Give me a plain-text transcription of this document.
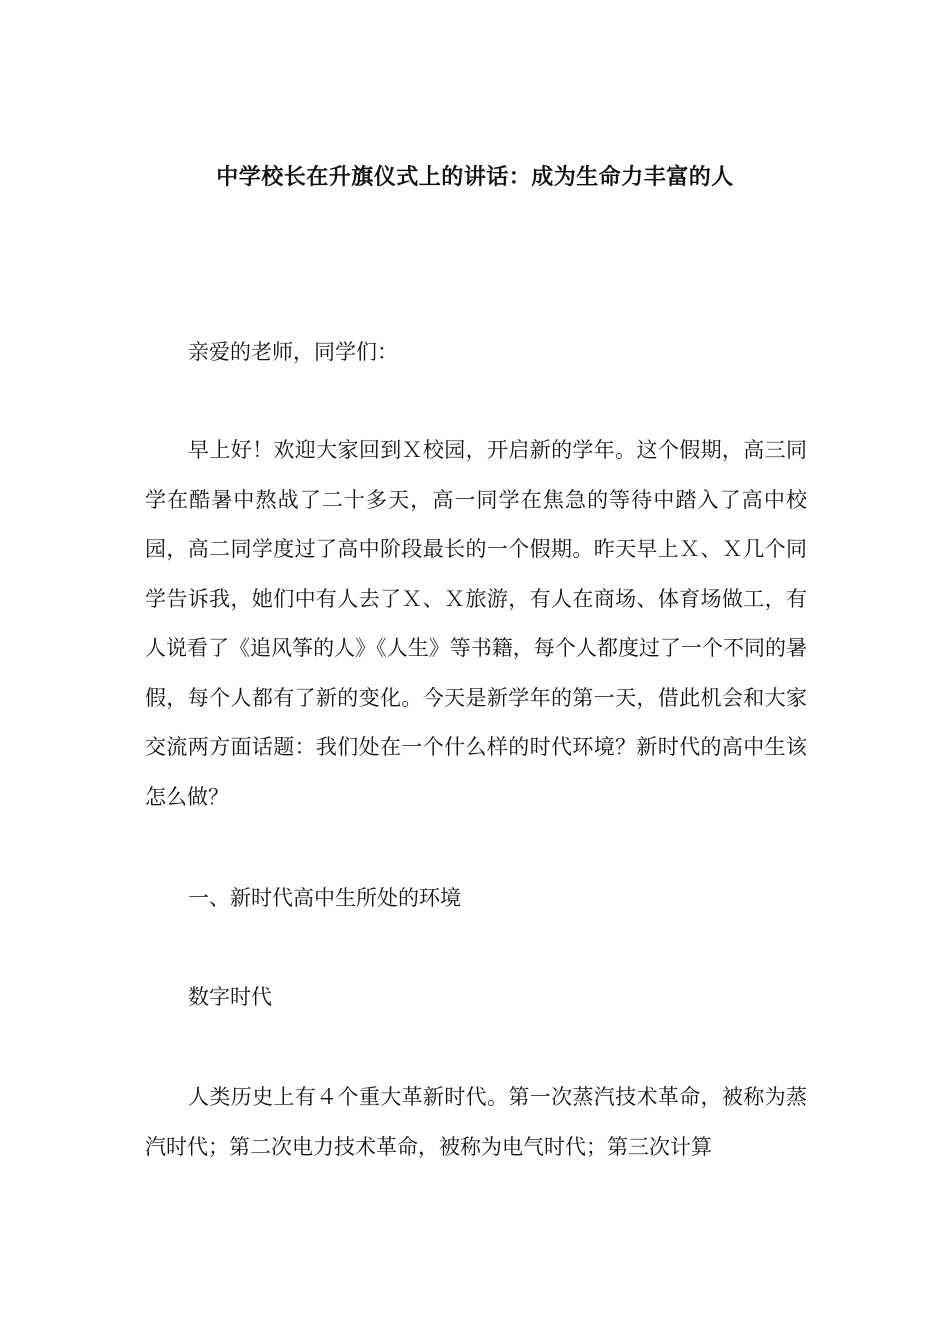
中学校长在升旗仪式上的讲话：成为生命力丰富的人

亲爱的老师，同学们：

早上好！欢迎大家回到Ｘ校园，开启新的学年。这个假期，高三同学在酷暑中熬战了二十多天，高一同学在焦急的等待中踏入了高中校园，高二同学度过了高中阶段最长的一个假期。昨天早上Ｘ、Ｘ几个同学告诉我，她们中有人去了Ｘ、Ｘ旅游，有人在商场、体育场做工，有人说看了《追风筝的人》《人生》等书籍，每个人都度过了一个不同的暑假，每个人都有了新的变化。今天是新学年的第一天，借此机会和大家交流两方面话题：我们处在一个什么样的时代环境？新时代的高中生该怎么做？

一、新时代高中生所处的环境

数字时代

人类历史上有４个重大革新时代。第一次蒸汽技术革命，被称为蒸汽时代；第二次电力技术革命，被称为电气时代；第三次计算
